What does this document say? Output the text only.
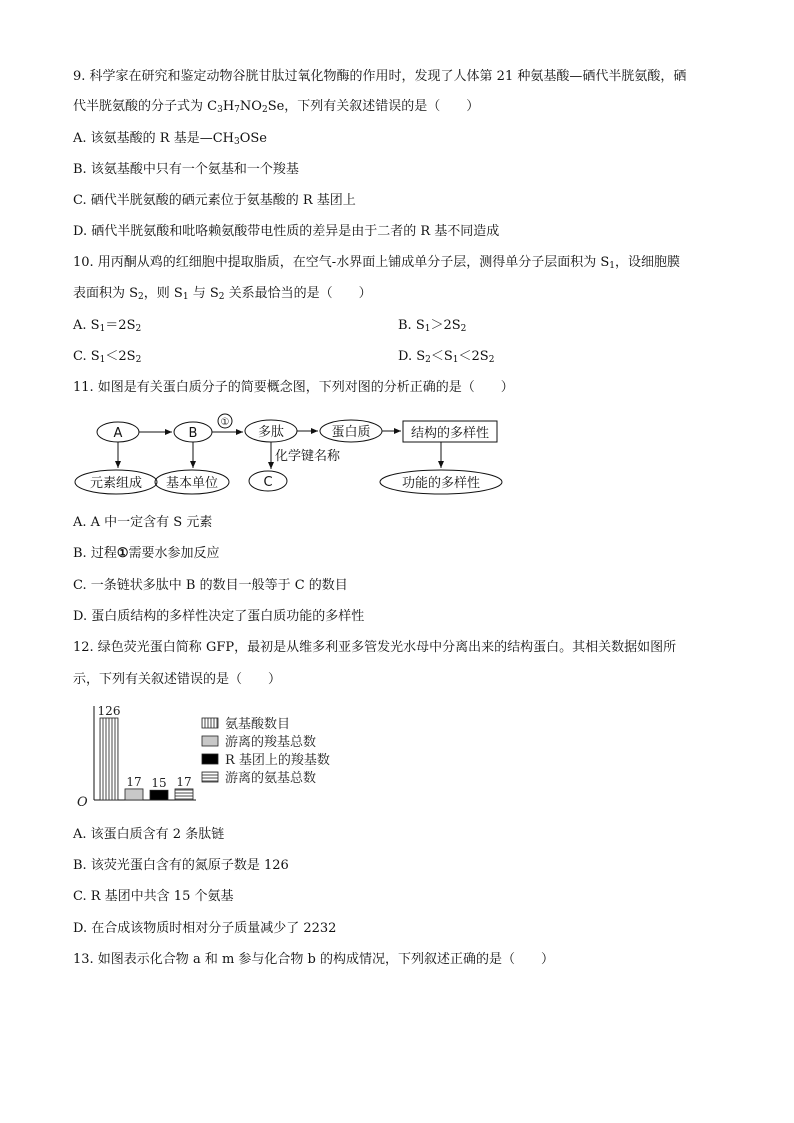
9. 科学家在研究和鉴定动物谷胱甘肽过氧化物酶的作用时，发现了人体第 21 种氨基酸—硒代半胱氨酸，硒
代半胱氨酸的分子式为 $C_3H_7NO_2Se$，下列有关叙述错误的是（　　）
A. 该氨基酸的 R 基是$—CH_3OSe$
B. 该氨基酸中只有一个氨基和一个羧基
C. 硒代半胱氨酸的硒元素位于氨基酸的 R 基团上
D. 硒代半胱氨酸和吡咯赖氨酸带电性质的差异是由于二者的 R 基不同造成
10. 用丙酮从鸡的红细胞中提取脂质，在空气-水界面上铺成单分子层，测得单分子层面积为 $S_1$，设细胞膜
表面积为 $S_2$，则 $S_1$ 与 $S_2$ 关系最恰当的是（　　）
A. $S_1=2S_2$	B. $S_1>2S_2$
C. $S_1<2S_2$	D. $S_2<S_1<2S_2$
11. 如图是有关蛋白质分子的简要概念图，下列对图的分析正确的是（　　）
A	B
①
多肽	蛋白质	结构的多样性
元素组成 基本单位	C
化学键名称
功能的多样性
A. A 中一定含有 S 元素
B. 过程①需要水参加反应
C. 一条链状多肽中 B 的数目一般等于 C 的数目
D. 蛋白质结构的多样性决定了蛋白质功能的多样性
12. 绿色荧光蛋白简称 GFP，最初是从维多利亚多管发光水母中分离出来的结构蛋白。其相关数据如图所
示，下列有关叙述错误的是（　　）
O
126
17 15 17
氨基酸数目
游离的羧基总数
R 基团上的羧基数
游离的氨基总数
A. 该蛋白质含有 2 条肽链
B. 该荧光蛋白含有的氮原子数是 126
C. R 基团中共含 15 个氨基
D. 在合成该物质时相对分子质量减少了 2232
13. 如图表示化合物 a 和 m 参与化合物 b 的构成情况，下列叙述正确的是（　　）
